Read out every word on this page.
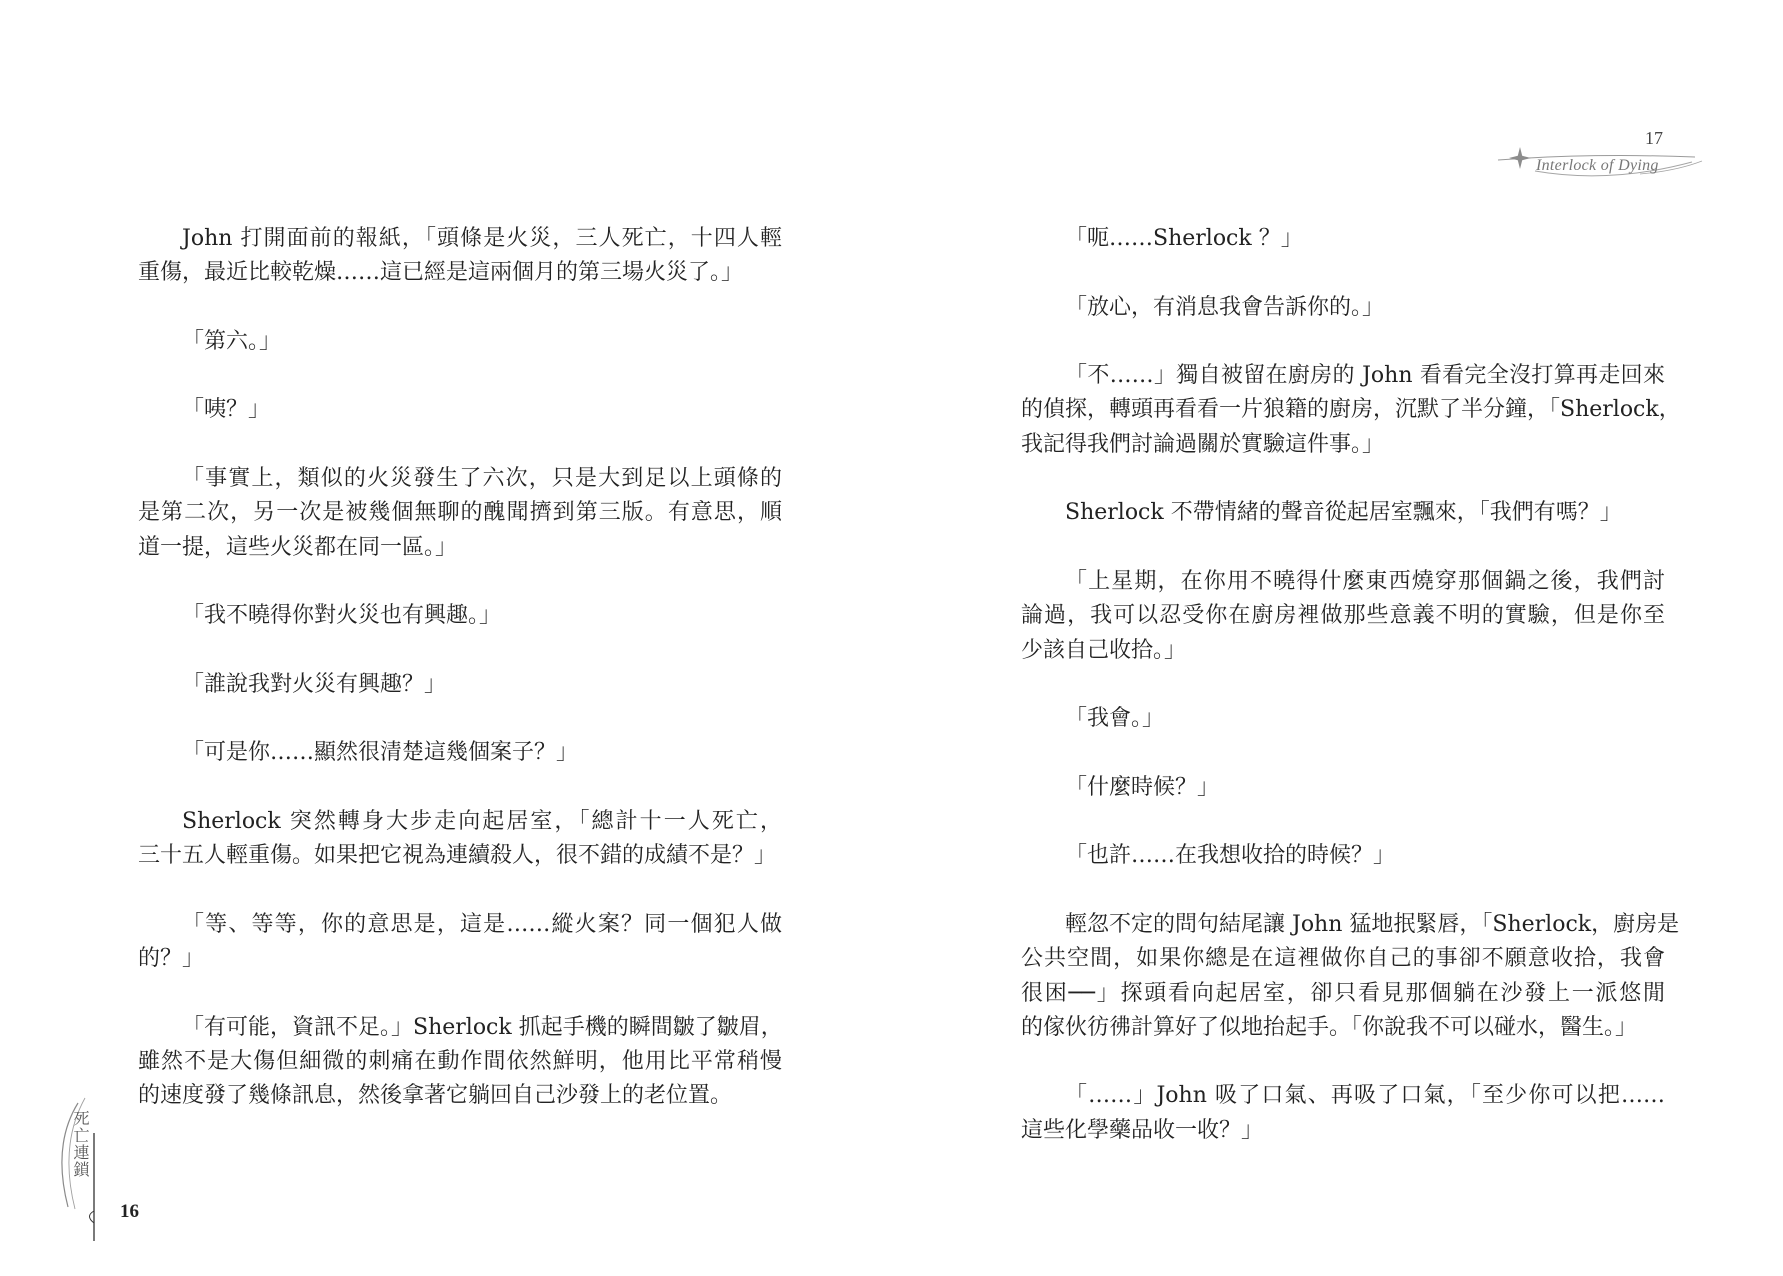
John 打開面前的報紙，「頭條是火災，三人死亡，十四人輕
重傷，最近比較乾燥……這已經是這兩個月的第三場火災了。」
「第六。」
「咦？」
「事實上，類似的火災發生了六次，只是大到足以上頭條的
是第二次，另一次是被幾個無聊的醜聞擠到第三版。有意思，順
道一提，這些火災都在同一區。」
「我不曉得你對火災也有興趣。」
「誰說我對火災有興趣？」
「可是你……顯然很清楚這幾個案子？」
Sherlock 突然轉身大步走向起居室，「總計十一人死亡，
三十五人輕重傷。如果把它視為連續殺人，很不錯的成績不是？」
「等、等等，你的意思是，這是……縱火案？同一個犯人做
的？」
「有可能，資訊不足。」Sherlock 抓起手機的瞬間皺了皺眉，
雖然不是大傷但細微的刺痛在動作間依然鮮明，他用比平常稍慢
的速度發了幾條訊息，然後拿著它躺回自己沙發上的老位置。
「呃……Sherlock ？」
「放心，有消息我會告訴你的。」
「不……」獨自被留在廚房的 John 看看完全沒打算再走回來
的偵探，轉頭再看看一片狼籍的廚房，沉默了半分鐘，「Sherlock，
我記得我們討論過關於實驗這件事。」
Sherlock 不帶情緒的聲音從起居室飄來，「我們有嗎？」
「上星期，在你用不曉得什麼東西燒穿那個鍋之後，我們討
論過，我可以忍受你在廚房裡做那些意義不明的實驗，但是你至
少該自己收拾。」
「我會。」
「什麼時候？」
「也許……在我想收拾的時候？」
輕忽不定的問句結尾讓 John 猛地抿緊唇，「Sherlock，廚房是
公共空間，如果你總是在這裡做你自己的事卻不願意收拾，我會
很困──」探頭看向起居室，卻只看見那個躺在沙發上一派悠閒
的傢伙彷彿計算好了似地抬起手。「你說我不可以碰水，醫生。」
「……」John 吸了口氣、再吸了口氣，「至少你可以把……
這些化學藥品收一收？」
17
Interlock of Dying
死亡連鎖
16
